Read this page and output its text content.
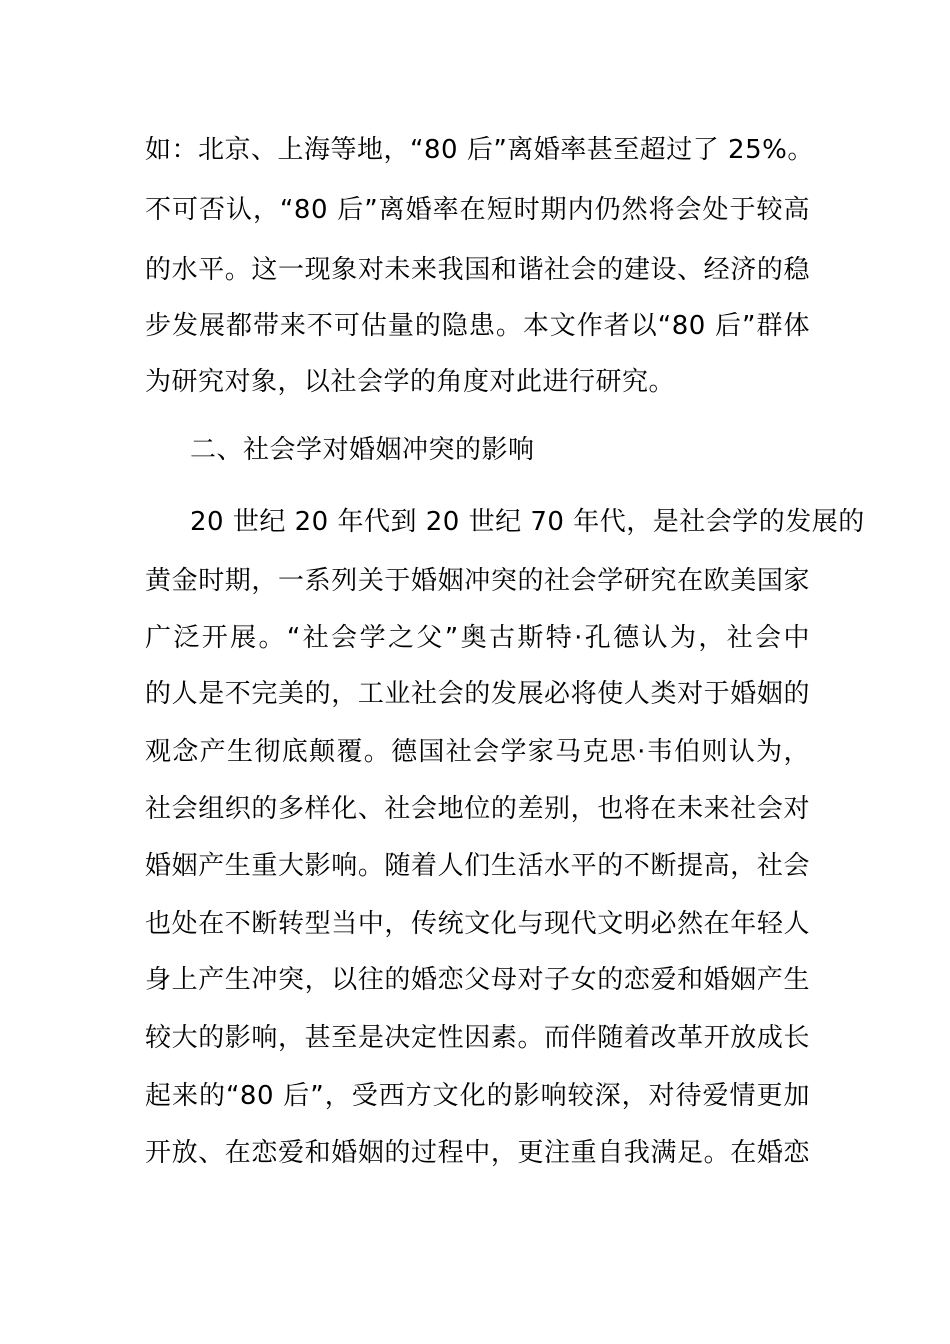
如：北京、上海等地，“80 后”离婚率甚至超过了 25%。
不可否认，“80 后”离婚率在短时期内仍然将会处于较高
的水平。这一现象对未来我国和谐社会的建设、经济的稳
步发展都带来不可估量的隐患。本文作者以“80 后”群体
为研究对象，以社会学的角度对此进行研究。
二、社会学对婚姻冲突的影响
20 世纪 20 年代到 20 世纪 70 年代，是社会学的发展的
黄金时期，一系列关于婚姻冲突的社会学研究在欧美国家
广泛开展。“社会学之父”奥古斯特·孔德认为，社会中
的人是不完美的，工业社会的发展必将使人类对于婚姻的
观念产生彻底颠覆。德国社会学家马克思·韦伯则认为，
社会组织的多样化、社会地位的差别，也将在未来社会对
婚姻产生重大影响。随着人们生活水平的不断提高，社会
也处在不断转型当中，传统文化与现代文明必然在年轻人
身上产生冲突，以往的婚恋父母对子女的恋爱和婚姻产生
较大的影响，甚至是决定性因素。而伴随着改革开放成长
起来的“80 后”，受西方文化的影响较深，对待爱情更加
开放、在恋爱和婚姻的过程中，更注重自我满足。在婚恋
